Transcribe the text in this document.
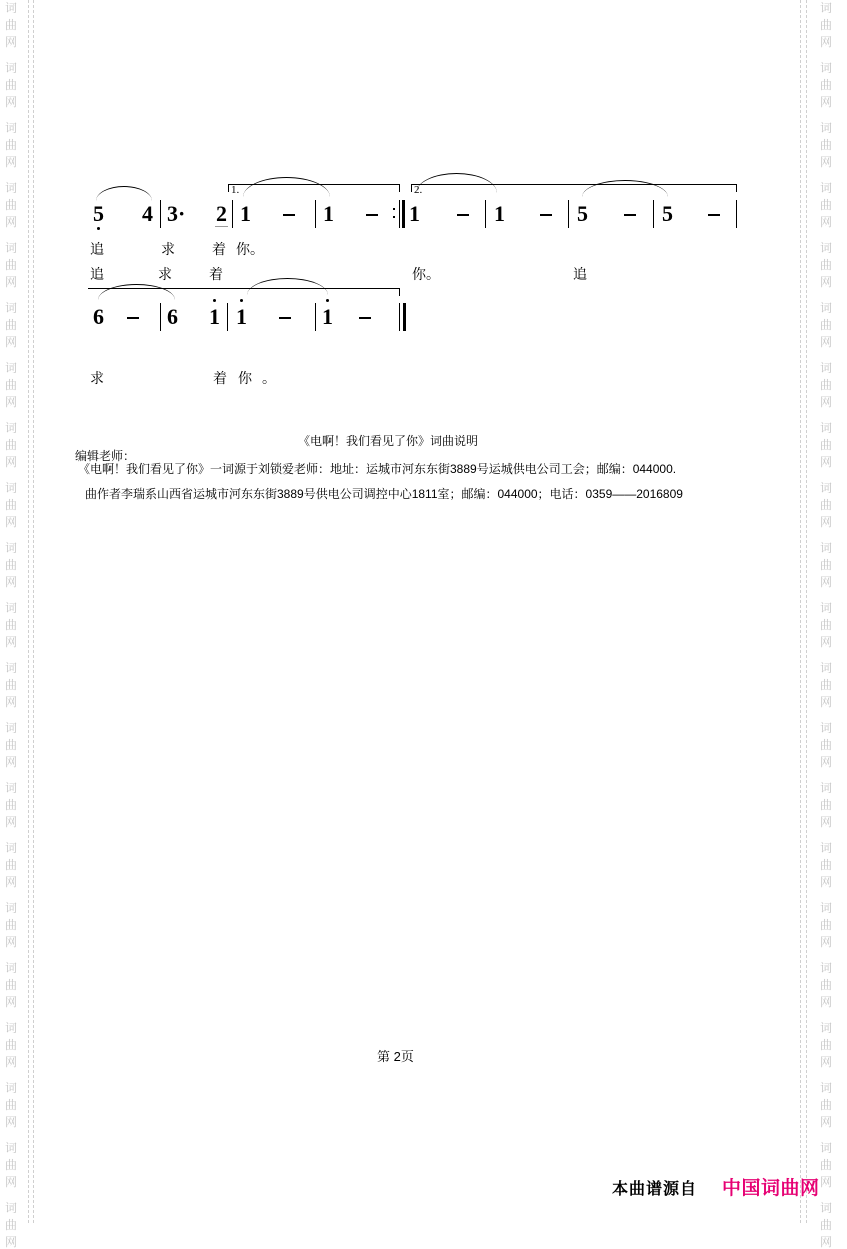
词
曲
网
词
曲
网
词
曲
网
词
曲
网
词
曲
网
词
曲
网
词
曲
网
词
曲
网
词
曲
网
词
曲
网
词
曲
网
词
曲
网
词
曲
网
词
曲
网
词
曲
网
词
曲
网
词
曲
网
词
曲
网
词
曲
网
词
曲
网
词
曲
网
词
曲
网
词
曲
网
词
曲
网
词
曲
网
词
曲
网
词
曲
网
词
曲
网
词
曲
网
词
曲
网
词
曲
网
词
曲
网
词
曲
网
词
曲
网
词
曲
网
词
曲
网
词
曲
网
词
曲
网
词
曲
网
词
曲
网
词
曲
网
词
曲
网
1.	2.
5 4 3· 2 1	1	1	1	5	5
追	求	着 你。
追	求	着	你。	追
6	6 1 1	1
求	着 你 。
《电啊！我们看见了你》词曲说明
编辑老师：
《电啊！我们看见了你》一词源于刘锁爱老师：地址：运城市河东东街3889号运城供电公司工会；邮编：044000.
曲作者李瑞系山西省运城市河东东街3889号供电公司调控中心1811室；邮编：044000；电话：0359——2016809
第 2页
本曲谱源自 中国词曲网
